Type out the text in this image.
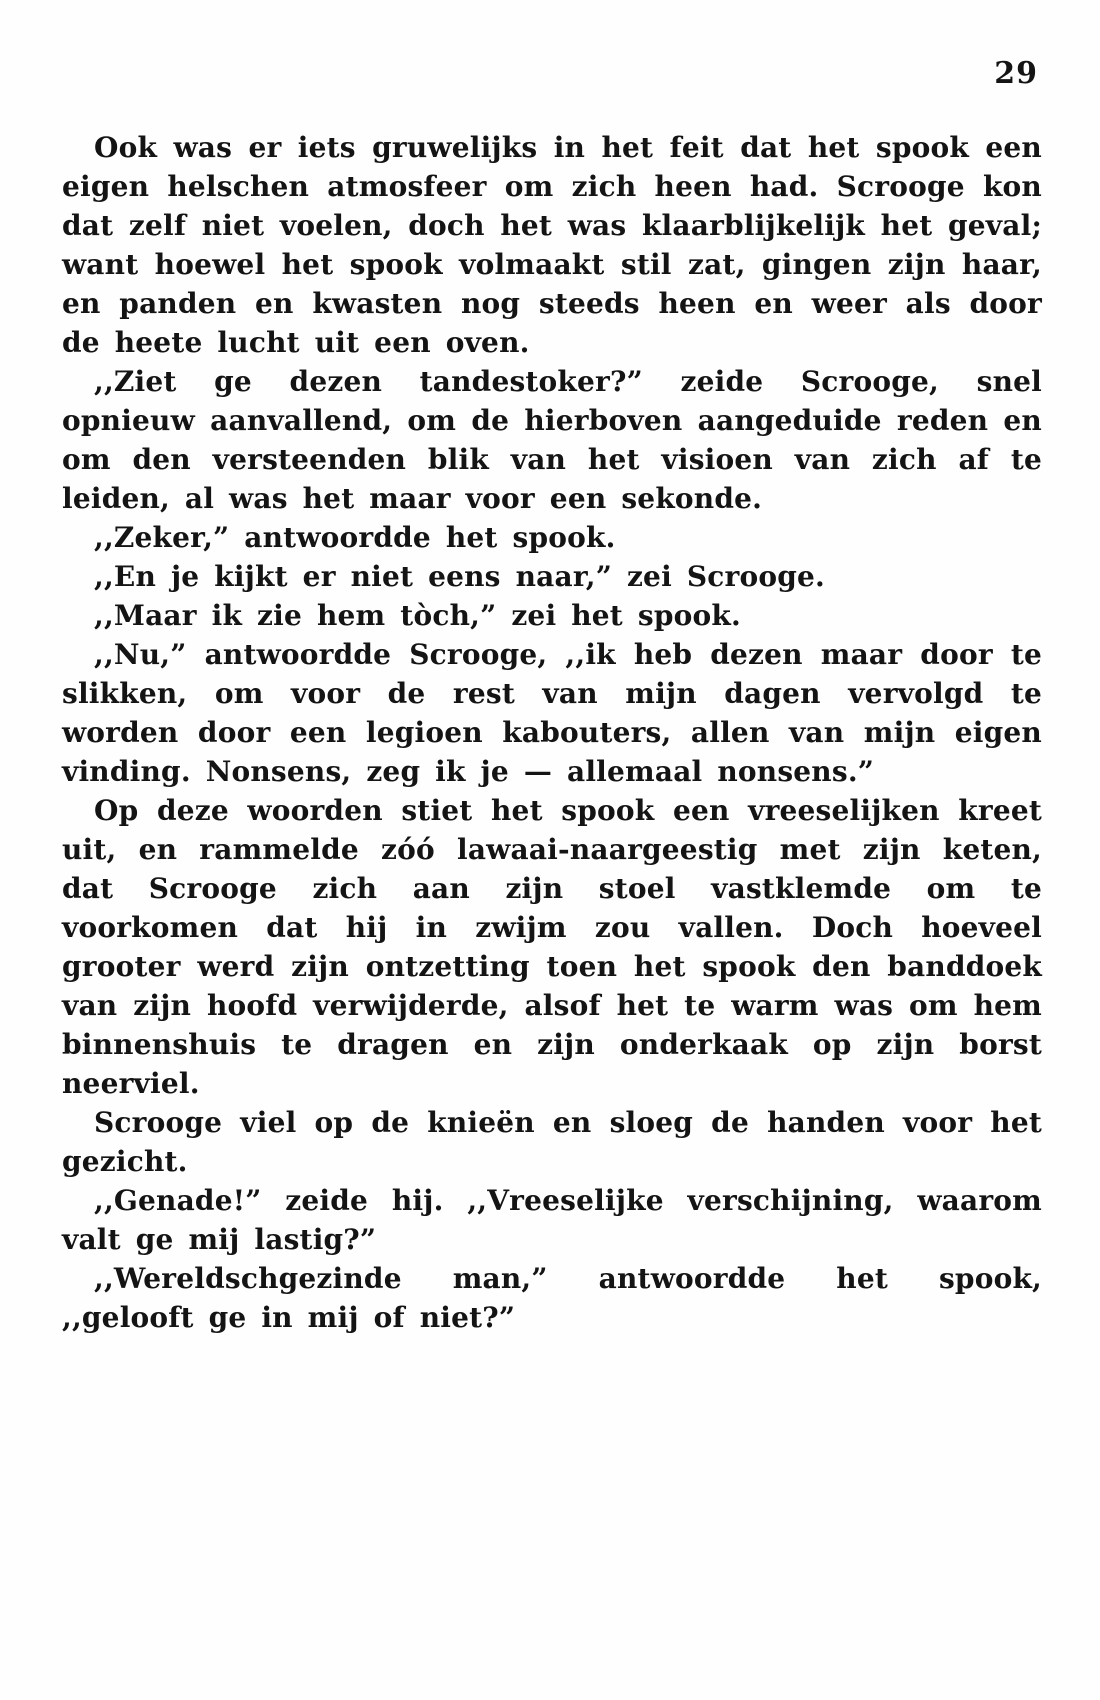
29

Ook was er iets gruwelijks in het feit dat het spook een eigen helschen atmosfeer om zich heen had. Scrooge kon dat zelf niet voelen, doch het was klaarblijkelijk het geval; want hoewel het spook volmaakt stil zat, gingen zijn haar, en panden en kwasten nog steeds heen en weer als door de heete lucht uit een oven.

,,Ziet ge dezen tandestoker?” zeide Scrooge, snel opnieuw aanvallend, om de hierboven aangeduide reden en om den versteenden blik van het visioen van zich af te leiden, al was het maar voor een sekonde.

,,Zeker,” antwoordde het spook.

,,En je kijkt er niet eens naar,” zei Scrooge.

,,Maar ik zie hem tòch,” zei het spook.

,,Nu,” antwoordde Scrooge, ,,ik heb dezen maar door te slikken, om voor de rest van mijn dagen vervolgd te worden door een legioen kabouters, allen van mijn eigen vinding. Nonsens, zeg ik je — allemaal nonsens.”

Op deze woorden stiet het spook een vreeselijken kreet uit, en rammelde zóó lawaai-naargeestig met zijn keten, dat Scrooge zich aan zijn stoel vastklemde om te voorkomen dat hij in zwijm zou vallen. Doch hoeveel grooter werd zijn ontzetting toen het spook den banddoek van zijn hoofd verwijderde, alsof het te warm was om hem binnenshuis te dragen en zijn onderkaak op zijn borst neerviel.

Scrooge viel op de knieën en sloeg de handen voor het gezicht.

,,Genade!” zeide hij. ,,Vreeselijke verschijning, waarom valt ge mij lastig?”

,,Wereldschgezinde man,” antwoordde het spook, ,,gelooft ge in mij of niet?”
